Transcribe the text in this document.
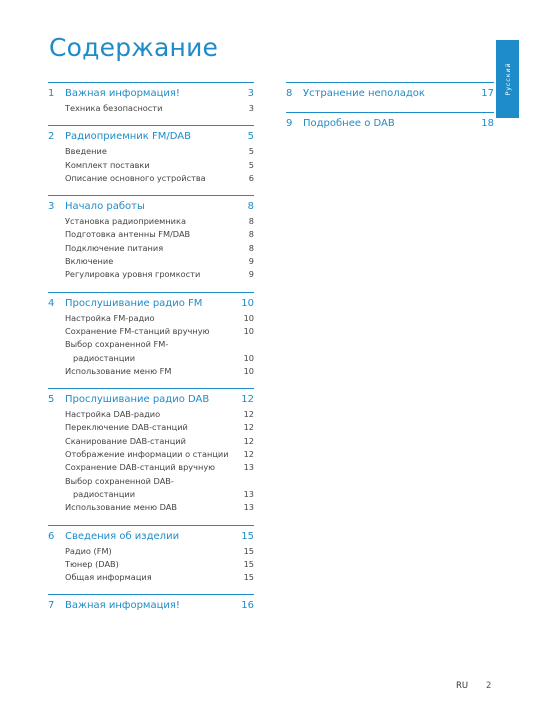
Содержание
Русский
1 Важная информация!	3
Техника безопасности	3
2 Радиоприемник FM/DAB	5
Введение	5
Комплект поставки	5
Описание основного устройства	6
3 Начало работы	8
Установка радиоприемника	8
Подготовка антенны FM/DAB	8
Подключение питания	8
Включение	9
Регулировка уровня громкости	9
4 Прослушивание радио FM	10
Настройка FM-радио	10
Сохранение FM-станций вручную	10
Выбор сохраненной FM-
радиостанции	10
Использование меню FM	10
5 Прослушивание радио DAB	12
Настройка DAB-радио	12
Переключение DAB-станций	12
Сканирование DAB-станций	12
Отображение информации о станции 12
Сохранение DAB-станций вручную	13
Выбор сохраненной DAB-
радиостанции	13
Использование меню DAB	13
6 Сведения об изделии	15
Радио (FM)	15
Тюнер (DAB)	15
Общая информация	15
7 Важная информация!	16
8 Устранение неполадок	17
9 Подробнее о DAB	18
RU 2
